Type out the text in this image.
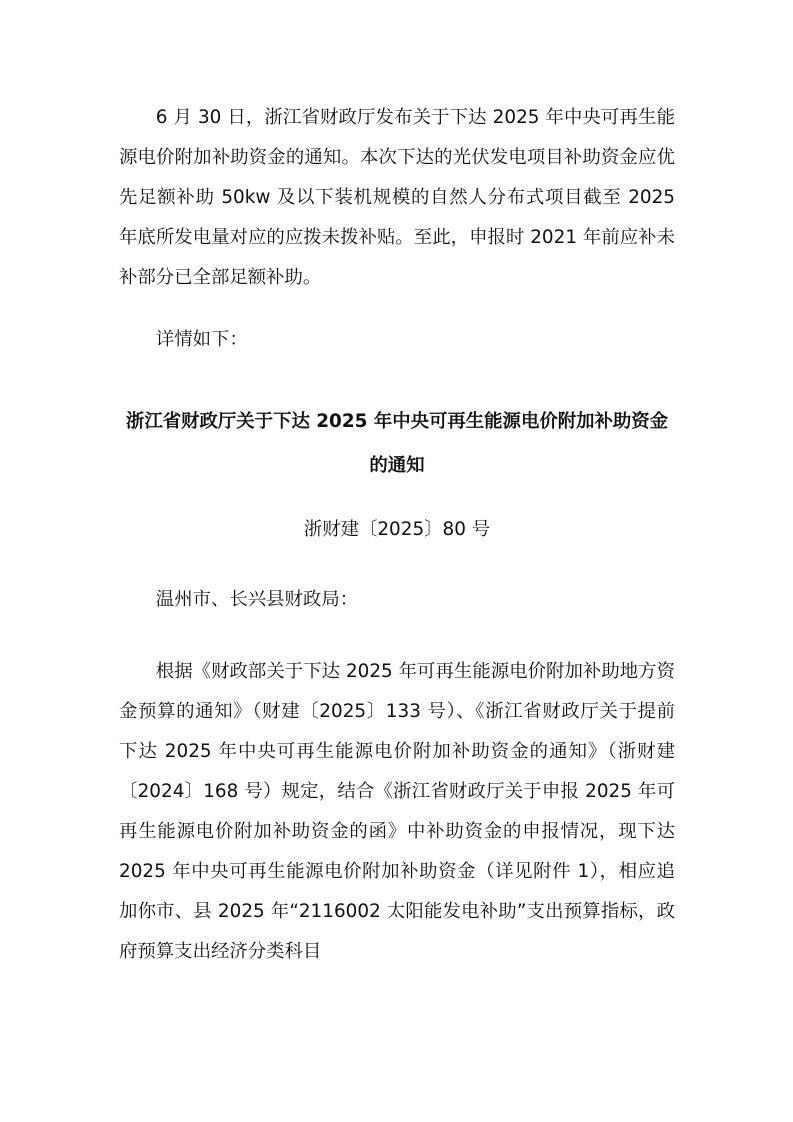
6 月 30 日，浙江省财政厅发布关于下达 2025 年中央可再生能源电价附加补助资金的通知。本次下达的光伏发电项目补助资金应优先足额补助 50kw 及以下装机规模的自然人分布式项目截至 2025 年底所发电量对应的应拨未拨补贴。至此，申报时 2021 年前应补未补部分已全部足额补助。

详情如下：

浙江省财政厅关于下达 2025 年中央可再生能源电价附加补助资金的通知
浙财建〔2025〕80 号
温州市、长兴县财政局：

根据《财政部关于下达 2025 年可再生能源电价附加补助地方资金预算的通知》（财建〔2025〕133 号）、《浙江省财政厅关于提前下达 2025 年中央可再生能源电价附加补助资金的通知》（浙财建〔2024〕168 号）规定，结合《浙江省财政厅关于申报 2025 年可再生能源电价附加补助资金的函》中补助资金的申报情况，现下达 2025 年中央可再生能源电价附加补助资金（详见附件 1），相应追加你市、县 2025 年“2116002 太阳能发电补助”支出预算指标，政府预算支出经济分类科目
